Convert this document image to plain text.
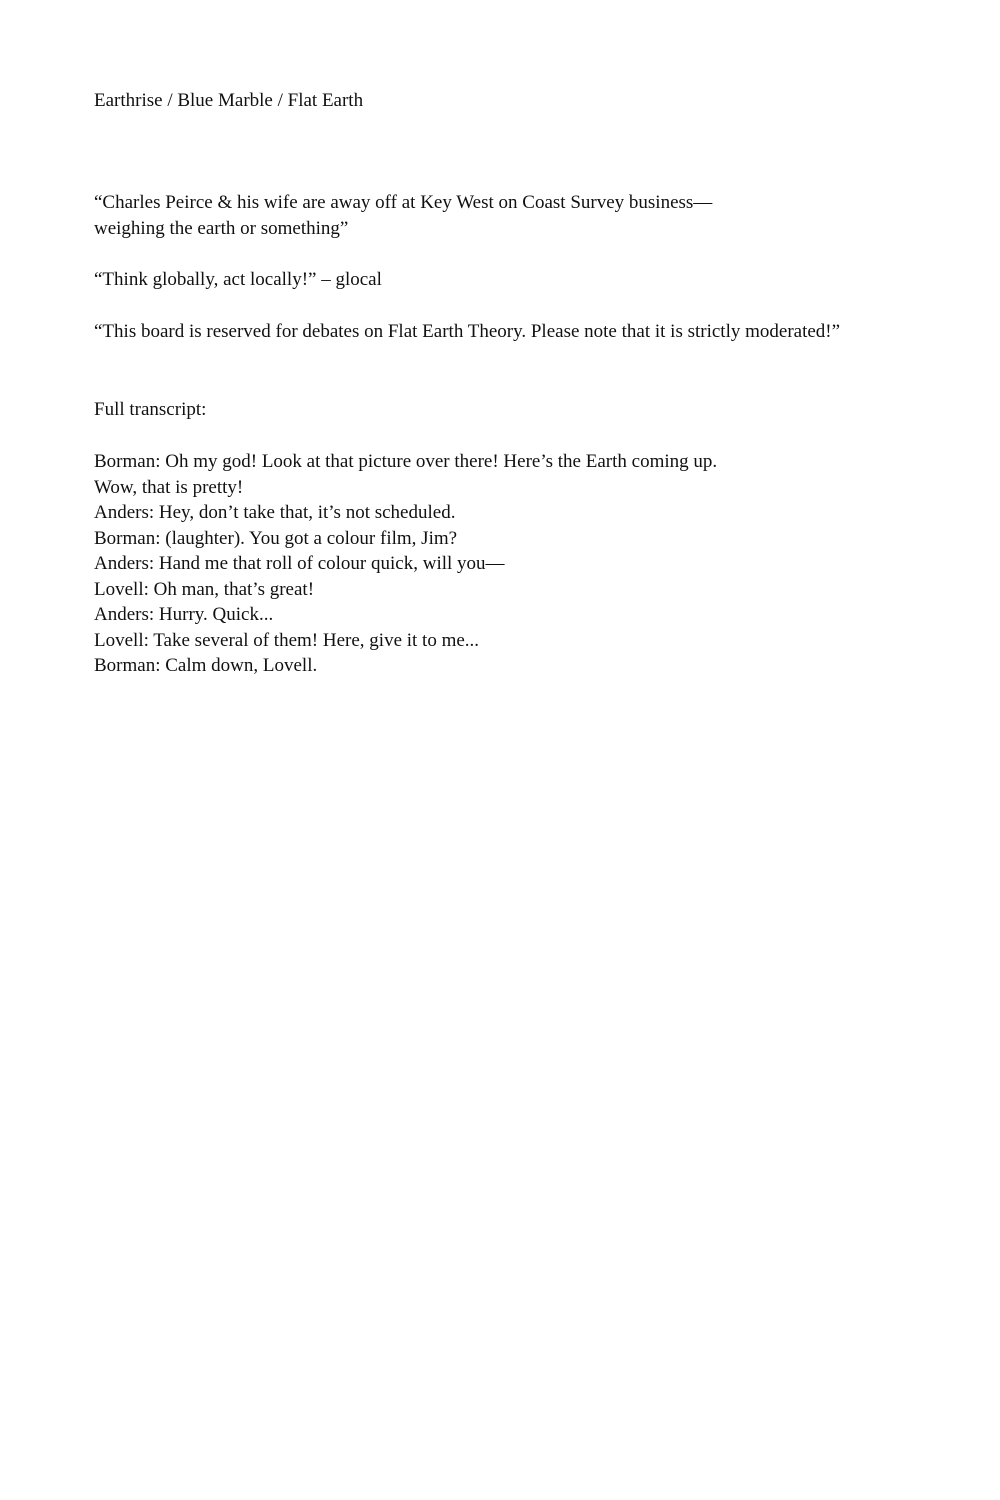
Earthrise / Blue Marble / Flat Earth

“Charles Peirce & his wife are away off at Key West on Coast Survey business—

weighing the earth or something”

“Think globally, act locally!” – glocal

“This board is reserved for debates on Flat Earth Theory. Please note that it is strictly moderated!”

Full transcript:

Borman: Oh my god! Look at that picture over there! Here’s the Earth coming up.
Wow, that is pretty!
Anders: Hey, don’t take that, it’s not scheduled.
Borman: (laughter). You got a colour film, Jim?
Anders: Hand me that roll of colour quick, will you—
Lovell: Oh man, that’s great!
Anders: Hurry. Quick...
Lovell: Take several of them! Here, give it to me...
Borman: Calm down, Lovell.
